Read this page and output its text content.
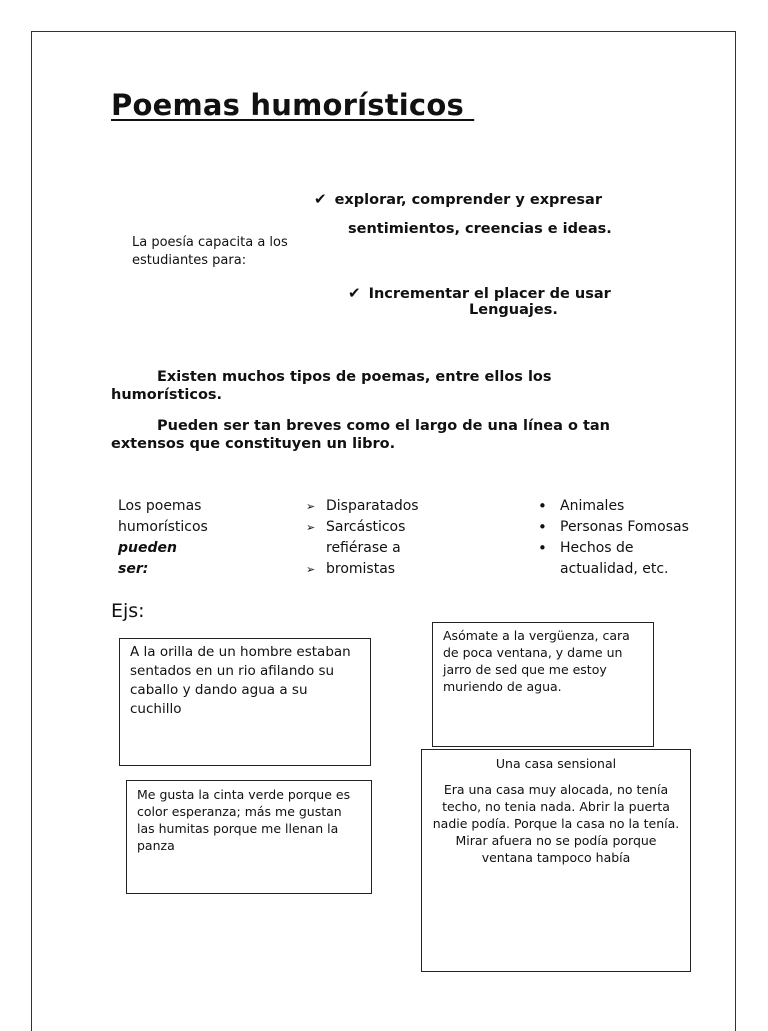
Poemas humorísticos
✔ explorar, comprender y expresar
sentimientos, creencias e ideas.
La poesía capacita a los estudiantes para:
✔ Incrementar el placer de usar
Lenguajes.
Existen muchos tipos de poemas, entre ellos los humorísticos.
Pueden ser tan breves como el largo de una línea o tan extensos que constituyen un libro.
Los poemas
humorísticos
pueden
ser:
➢ Disparatados
➢ Sarcásticos refiérase a
➢ bromistas
• Animales
• Personas Fomosas
• Hechos de actualidad, etc.
Ejs:
A la orilla de un hombre estaban sentados en un rio afilando su caballo y dando agua a su cuchillo
Asómate a la vergüenza, cara de poca ventana, y dame un jarro de sed que me estoy muriendo de agua.
Me gusta la cinta verde porque es color esperanza; más me gustan las humitas porque me llenan la panza
Una casa sensional
Era una casa muy alocada, no tenía techo, no tenia nada. Abrir la puerta nadie podía. Porque la casa no la tenía. Mirar afuera no se podía porque ventana tampoco había
